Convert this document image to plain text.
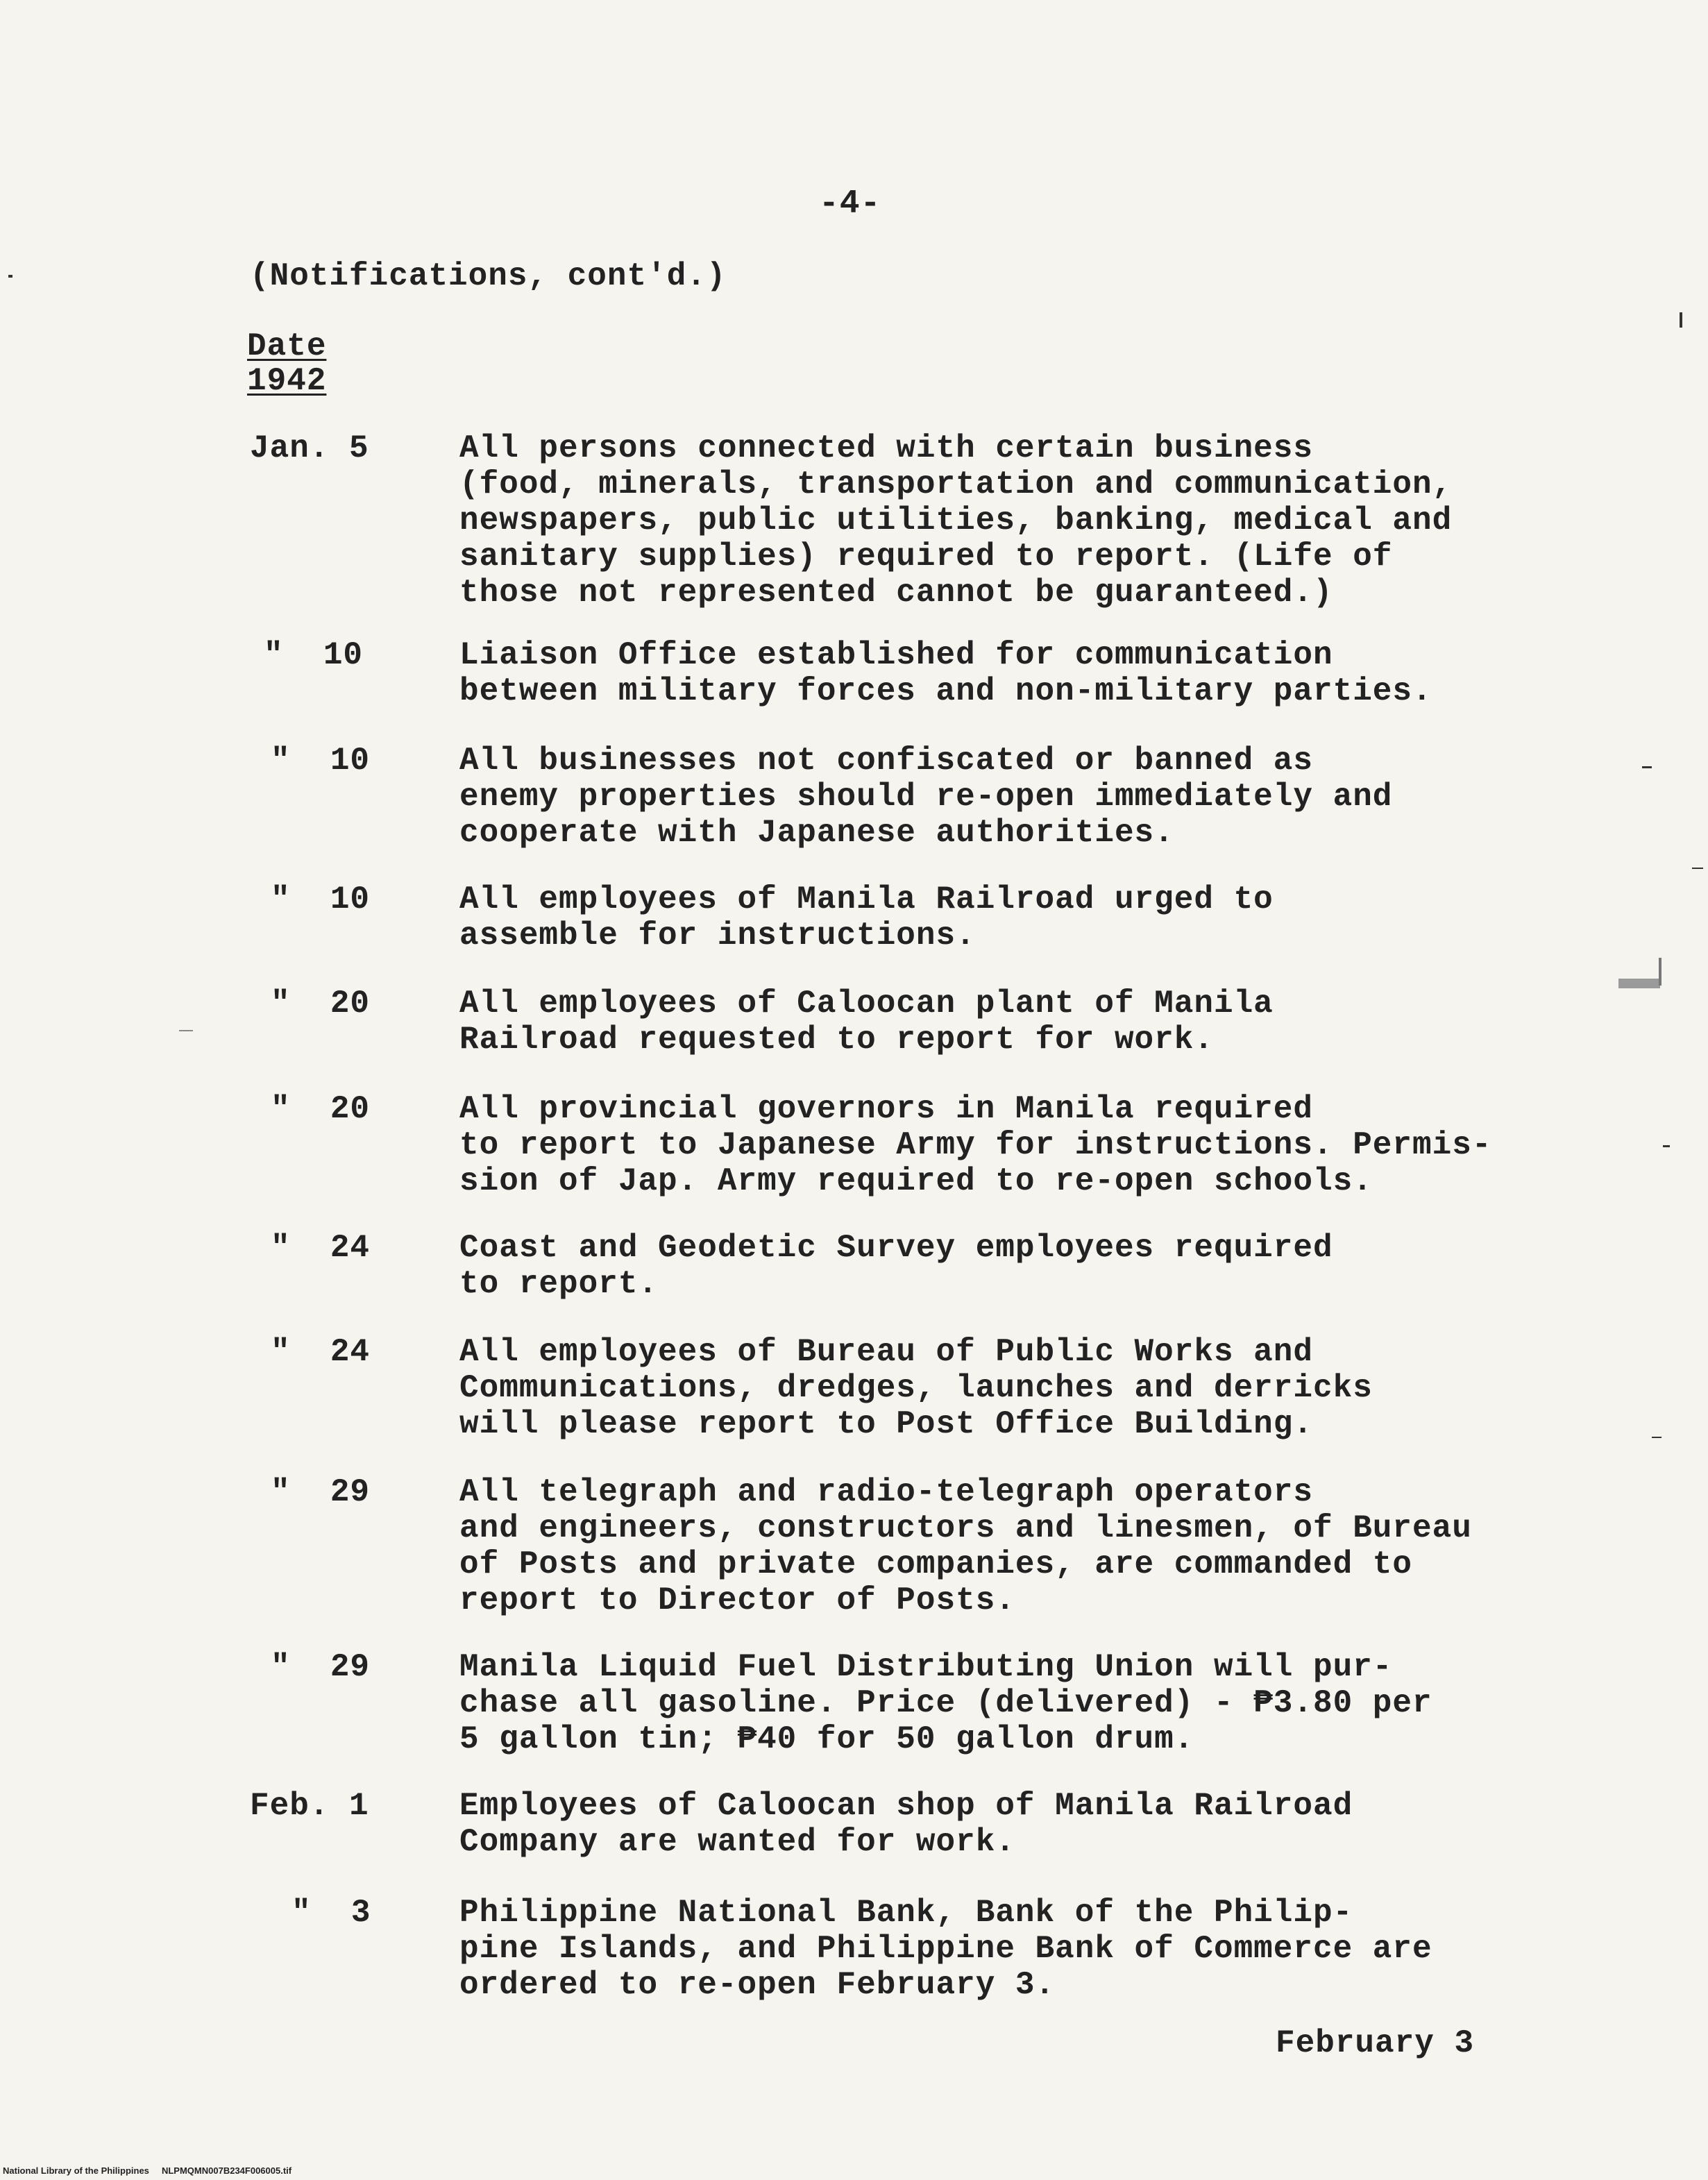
-4-
(Notifications, cont'd.)
Date
1942
Jan. 5	All persons connected with certain business
(food, minerals, transportation and communication,
newspapers, public utilities, banking, medical and
sanitary supplies) required to report. (Life of
those not represented cannot be guaranteed.)

"  10	Liaison Office established for communication
between military forces and non-military parties.

"  10	All businesses not confiscated or banned as
enemy properties should re-open immediately and
cooperate with Japanese authorities.

"  10	All employees of Manila Railroad urged to
assemble for instructions.

"  20	All employees of Caloocan plant of Manila
Railroad requested to report for work.

"  20	All provincial governors in Manila required
to report to Japanese Army for instructions. Permis-
sion of Jap. Army required to re-open schools.

"  24	Coast and Geodetic Survey employees required
to report.

"  24	All employees of Bureau of Public Works and
Communications, dredges, launches and derricks
will please report to Post Office Building.

"  29	All telegraph and radio-telegraph operators
and engineers, constructors and linesmen, of Bureau
of Posts and private companies, are commanded to
report to Director of Posts.

"  29	Manila Liquid Fuel Distributing Union will pur-
chase all gasoline. Price (delivered) - ₱3.80 per
5 gallon tin; ₱40 for 50 gallon drum.

Feb. 1	Employees of Caloocan shop of Manila Railroad
Company are wanted for work.

"  3	Philippine National Bank, Bank of the Philip-
pine Islands, and Philippine Bank of Commerce are
ordered to re-open February 3.

February 3
National Library of the Philippines     NLPMQMN007B234F006005.tif
